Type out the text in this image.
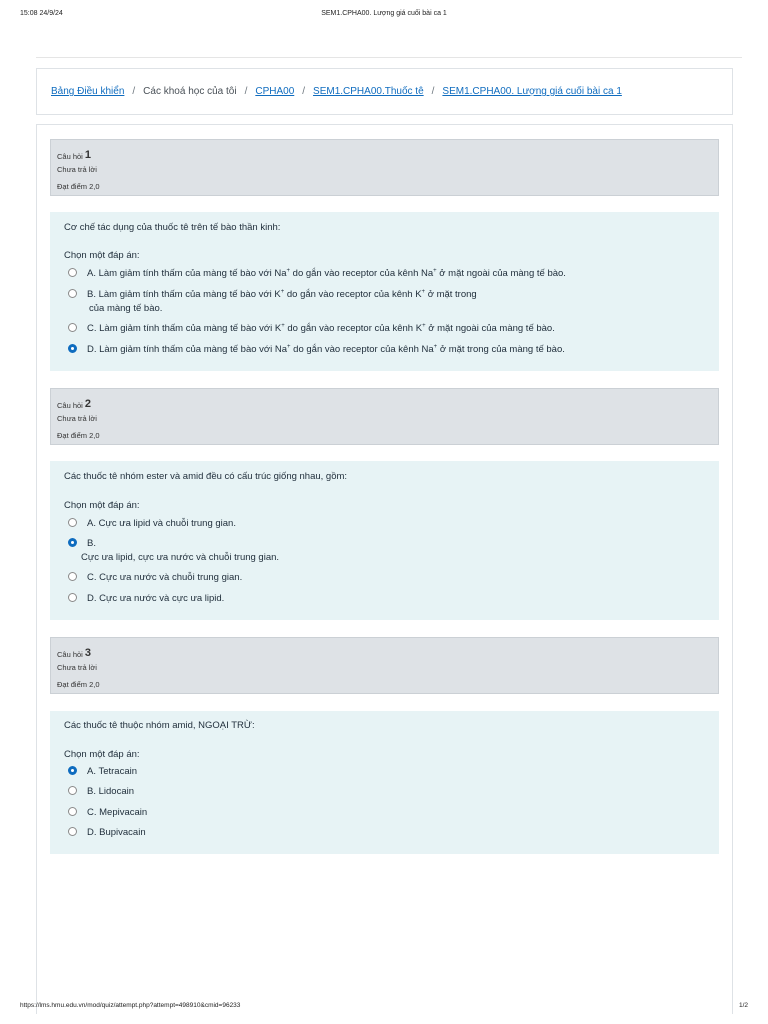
15:08 24/9/24	SEM1.CPHA00. Lượng giá cuối bài ca 1
Bảng Điều khiển / Các khoá học của tôi / CPHA00 / SEM1.CPHA00.Thuốc tê / SEM1.CPHA00. Lượng giá cuối bài ca 1
Câu hỏi 1
Chưa trả lời
Đạt điểm 2,0
Cơ chế tác dụng của thuốc tê trên tế bào thần kinh:
Chọn một đáp án:
A. Làm giảm tính thấm của màng tế bào với Na+ do gắn vào receptor của kênh Na+ ở mặt ngoài của màng tế bào.
B. Làm giảm tính thấm của màng tế bào với K+ do gắn vào receptor của kênh K+ ở mặt trong
của màng tế bào.
C. Làm giảm tính thấm của màng tế bào với K+ do gắn vào receptor của kênh K+ ở mặt ngoài của màng tế bào.
D. Làm giảm tính thấm của màng tế bào với Na+ do gắn vào receptor của kênh Na+ ở mặt trong của màng tế bào.
Câu hỏi 2
Chưa trả lời
Đạt điểm 2,0
Các thuốc tê nhóm ester và amid đều có cấu trúc giống nhau, gồm:
Chọn một đáp án:
A. Cực ưa lipid và chuỗi trung gian.
B.
Cực ưa lipid, cực ưa nước và chuỗi trung gian.
C. Cực ưa nước và chuỗi trung gian.
D. Cực ưa nước và cực ưa lipid.
Câu hỏi 3
Chưa trả lời
Đạt điểm 2,0
Các thuốc tê thuộc nhóm amid, NGOẠI TRỪ:
Chọn một đáp án:
A. Tetracain
B. Lidocain
C. Mepivacain
D. Bupivacain
https://lms.hmu.edu.vn/mod/quiz/attempt.php?attempt=498910&cmid=96233	1/2
